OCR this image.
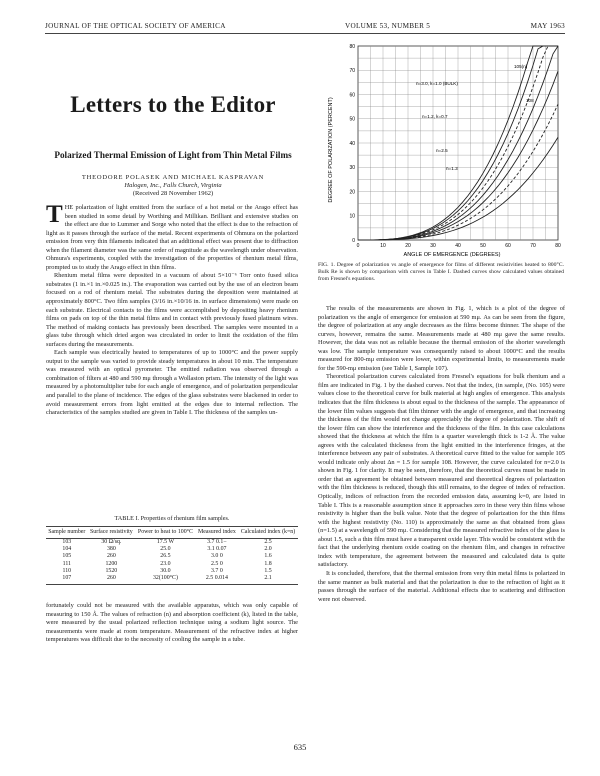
JOURNAL OF THE OPTICAL SOCIETY OF AMERICA	VOLUME 53, NUMBER 5	MAY 1963
Letters to the Editor
Polarized Thermal Emission of Light from Thin Metal Films
THEODORE POLASEK AND MICHAEL KASPRAVAN
Halogen, Inc., Falls Church, Virginia
(Received 28 November 1962)

THE polarization of light emitted from the surface of a hot metal or the Arago effect has been studied in some detail by Worthing and Millikan. Brilliant and extensive studies on the effect are due to Lummer and Sorge who noted that the effect is due to the refraction of light as it passes through the surface of the metal. Recent experiments of Ohmura on the polarized emission from very thin filaments indicated that an additional effect was present due to diffraction when the filament diameter was the same order of magnitude as the wavelength under observation. Ohmura's experiments, coupled with the investigation of the properties of rhenium metal films, prompted us to study the Arago effect in thin films.

Rhenium metal films were deposited in a vacuum of about 5×10⁻⁶ Torr onto fused silica substrates (1 in.×1 in.×0.025 in.). The evaporation was carried out by the use of an electron beam focused on a rod of rhenium metal. The substrates during the deposition were maintained at approximately 800°C. Two film samples (3/16 in.×10/16 in. in surface dimensions) were made on each substrate. Electrical contacts to the films were accomplished by depositing heavy rhenium films on pads on top of the thin metal films and in contact with previously fused platinum wires. The method of making contacts has previously been described. The samples were mounted in a glass tube through which dried argon was circulated in order to limit the oxidation of the film surfaces during the measurements.

Each sample was electrically heated to temperatures of up to 1000°C and the power supply output to the sample was varied to provide steady temperatures in about 10 min. The temperature was measured with an optical pyrometer. The emitted radiation was observed through a combination of filters at 480 and 590 mμ through a Wollaston prism. The intensity of the light was measured by a photomultiplier tube for each angle of emergence, and of polarization perpendicular and parallel to the plane of incidence. The edges of the glass substrates were blackened in order to avoid measurement errors from light emitted at the edges due to internal reflection. The characteristics of the samples studied are given in Table I. The thickness of the samples un-

TABLE I. Properties of rhenium film samples.
Sample number	Surface resistivity	Power to heat to 100°C	Measured index	Calculated index (k=n)
103	30 Ω/sq.	17.5 W	3.7 0.1−	2.5
104	380	25.0	3.1 0.07	2.0
105	260	26.5	3.0 0	1.6
111	1200	23.0	2.5 0	1.8
110	1520	30.0	3.7 0	1.5
107	260	32(100°C)	2.5 0.014	2.1

fortunately could not be measured with the available apparatus, which was only capable of measuring to 150 Å. The values of refraction (n) and absorption coefficient (k), listed in the table, were measured by the usual polarized reflection technique using a sodium light source. The measurements were made at room temperature. Measurement of the refractive index at higher temperatures was difficult due to the necessity of cooling the sample in a tube.

0
10
20
30
40
50
60
70
80
0	10	20	30	40	50	60	70	80
DEGREE OF POLARIZATION (PERCENT)
ANGLE OF EMERGENCE (DEGREES)
n=3.0, k=1.0 (BULK)
n=1.2, k=0.7
n=2.5
n=1.3
105(n)
108
FIG. 1. Degree of polarization vs angle of emergence for films of different resistivities heated to 800°C. Bulk Re is shown by comparison with curves in Table I. Dashed curves show calculated values obtained from Fresnel's equations.

The results of the measurements are shown in Fig. 1, which is a plot of the degree of polarization vs the angle of emergence for emission at 590 mμ. As can be seen from the figure, the degree of polarization at any angle decreases as the films become thinner. The shape of the curves, however, remains the same. Measurements made at 480 mμ gave the same results. However, the data was not as reliable because the thermal emission of the shorter wavelength was low. The sample temperature was consequently raised to about 1000°C and the results measured for 800-mμ emission were lower, within experimental limits, to measurements made for the 590-mμ emission (see Table I, Sample 107).

Theoretical polarization curves calculated from Fresnel's equations for bulk rhenium and a film are indicated in Fig. 1 by the dashed curves. Not that the index, (in sample, (No. 105) were values close to the theoretical curve for bulk material at high angles of emergence. This analysis indicates that the film thickness is about equal to the thickness of the sample. The appearance of the lower film values suggests that film thinner with the angle of emergence, and that increasing the thickness of the film would not change appreciably the degree of polarization. The shift of the lower film can show the interference and the thickness of the film. In this case calculations showed that the thickness at which the film is a quarter wavelength thick is 1-2 Å. The value agrees with the calculated thickness from the light emitted in the interference fringes, at the interference between any pair of substrates. A theoretical curve fitted to the value for sample 105 would indicate only about Δn = 1.5 for sample 108. However, the curve calculated for n=2.0 is shown in Fig. 1 for clarity. It may be seen, therefore, that the theoretical curves must be made in order that an agreement be obtained between measured and theoretical degrees of polarization with the film thickness is reduced, though this still remains, to the degree of index of refraction. Optically, indices of refraction from the recorded emission data, assuming k=0, are listed in Table I. This is a reasonable assumption since it approaches zero in these very thin films whose resistivity is higher than the bulk value. Note that the degree of polarization for the thin films with the highest resistivity (No. 110) is approximately the same as that obtained from glass (n=1.5) at a wavelength of 590 mμ. Considering that the measured refractive index of the glass is about 1.5, such a thin film must have a transparent oxide layer. This would be consistent with the fact that the underlying rhenium oxide coating on the rhenium film, and changes in refractive index with temperature, the agreement between the measured and calculated data is quite satisfactory.

It is concluded, therefore, that the thermal emission from very thin metal films is polarized in the same manner as bulk material and that the polarization is due to the refraction of light as it passes through the surface of the material. Additional effects due to scattering and diffraction were not observed.

635
